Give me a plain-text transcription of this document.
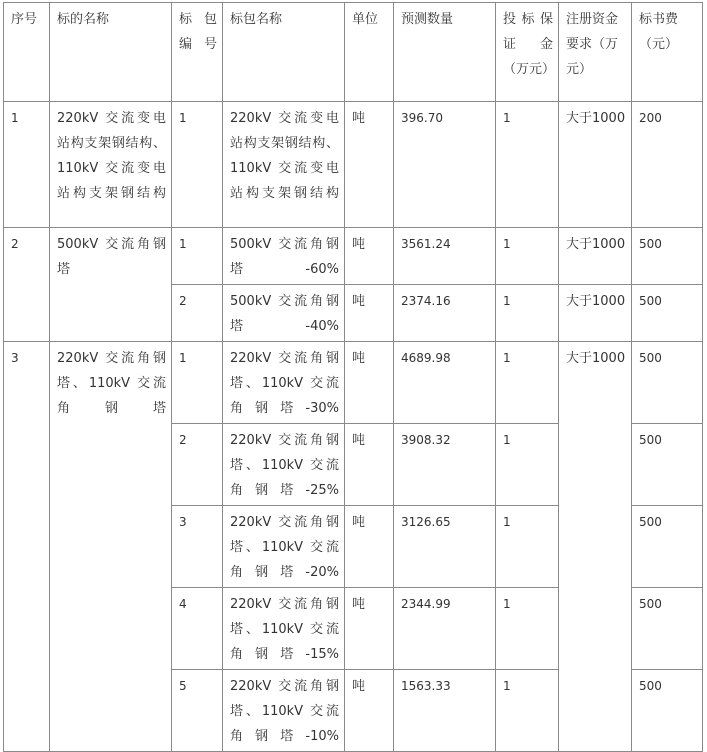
序号	标的名称	标 包 编号	标包名称	单位	预测数量	投标保证金（万元）	注册资金要求（万元）	标书费（元）
1	220kV 交流变电站构支架钢结构、110kV 交流变电站构支架钢结构	1	220kV 交流变电站构支架钢结构、110kV 交流变电站构支架钢结构	吨	396.70	1	大于1000	200
2	500kV 交流角钢塔	1	500kV 交流角钢塔-60%	吨	3561.24	1	大于1000	500
		2	500kV 交流角钢塔-40%	吨	2374.16	1	大于1000	500
3	220kV 交流角钢塔、110kV 交流角钢塔	1	220kV 交流角钢塔、110kV 交流角钢塔-30%	吨	4689.98	1	大于1000	500
		2	220kV 交流角钢塔、110kV 交流角钢塔-25%	吨	3908.32	1		500
		3	220kV 交流角钢塔、110kV 交流角钢塔-20%	吨	3126.65	1		500
		4	220kV 交流角钢塔、110kV 交流角钢塔-15%	吨	2344.99	1		500
		5	220kV 交流角钢塔、110kV 交流角钢塔-10%	吨	1563.33	1		500
